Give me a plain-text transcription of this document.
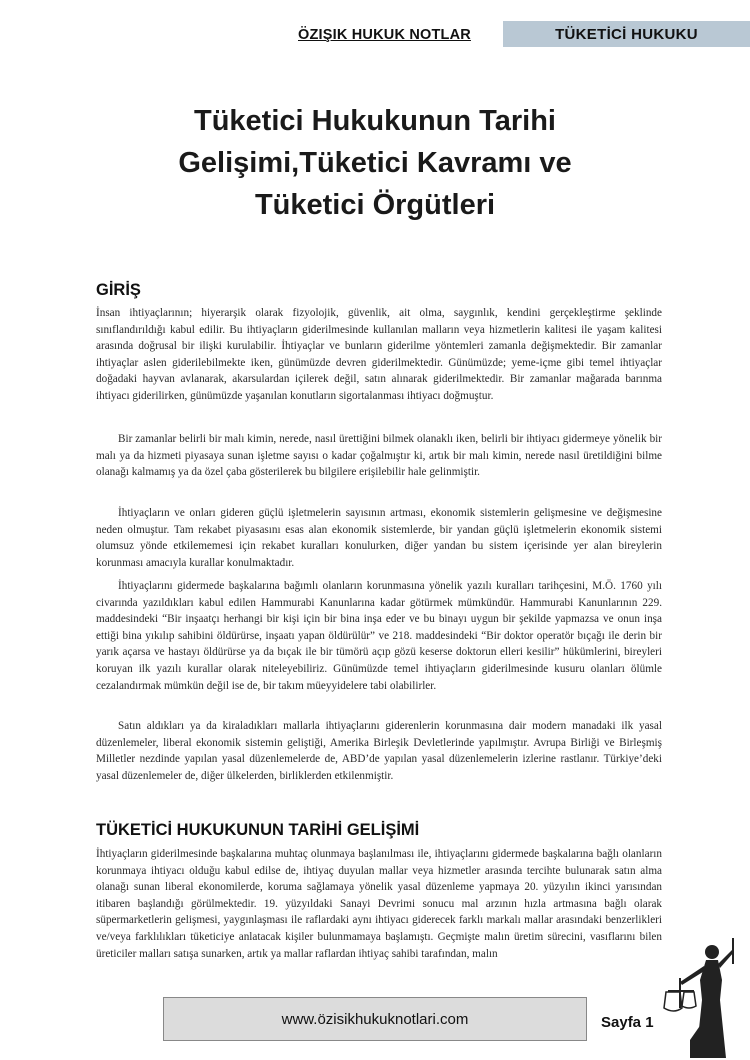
ÖZIŞIK HUKUK NOTLAR	TÜKETİCİ HUKUKU
Tüketici Hukukunun Tarihi
Gelişimi,Tüketici Kavramı ve
Tüketici Örgütleri
GİRİŞ

İnsan ihtiyaçlarının; hiyerarşik olarak fizyolojik, güvenlik, ait olma, saygınlık, kendini gerçekleştirme şeklinde sınıflandırıldığı kabul edilir. Bu ihtiyaçların giderilmesinde kullanılan malların veya hizmetlerin kalitesi ile yaşam kalitesi arasında doğrusal bir ilişki kurulabilir. İhtiyaçlar ve bunların giderilme yöntemleri zamanla değişmektedir. Bir zamanlar ihtiyaçlar aslen giderilebilmekte iken, günümüzde devren giderilmektedir. Günümüzde; yeme-içme gibi temel ihtiyaçlar doğadaki hayvan avlanarak, akarsulardan içilerek değil, satın alınarak giderilmektedir. Bir zamanlar mağarada barınma ihtiyacı giderilirken, günümüzde yaşanılan konutların sigortalanması ihtiyacı doğmuştur.

Bir zamanlar belirli bir malı kimin, nerede, nasıl ürettiğini bilmek olanaklı iken, belirli bir ihtiyacı gidermeye yönelik bir malı ya da hizmeti piyasaya sunan işletme sayısı o kadar çoğalmıştır ki, artık bir malı kimin, nerede nasıl üretildiğini bilme olanağı kalmamış ya da özel çaba gösterilerek bu bilgilere erişilebilir hale gelinmiştir.

İhtiyaçların ve onları gideren güçlü işletmelerin sayısının artması, ekonomik sistemlerin gelişmesine ve değişmesine neden olmuştur. Tam rekabet piyasasını esas alan ekonomik sistemlerde, bir yandan güçlü işletmelerin ekonomik sistemi olumsuz yönde etkilememesi için rekabet kuralları konulurken, diğer yandan bu sistem içerisinde yer alan bireylerin korunması amacıyla kurallar konulmaktadır.

İhtiyaçlarını gidermede başkalarına bağımlı olanların korunmasına yönelik yazılı kuralları tarihçesini, M.Ö. 1760 yılı civarında yazıldıkları kabul edilen Hammurabi Kanunlarına kadar götürmek mümkündür. Hammurabi Kanunlarının 229. maddesindeki “Bir inşaatçı herhangi bir kişi için bir bina inşa eder ve bu binayı uygun bir şekilde yapmazsa ve onun inşa ettiği bina yıkılıp sahibini öldürürse, inşaatı yapan öldürülür” ve 218. maddesindeki “Bir doktor operatör bıçağı ile derin bir yarık açarsa ve hastayı öldürürse ya da bıçak ile bir tümörü açıp gözü keserse doktorun elleri kesilir” hükümlerini, bireyleri koruyan ilk yazılı kurallar olarak niteleyebiliriz. Günümüzde temel ihtiyaçların giderilmesinde kusuru olanları ölümle cezalandırmak mümkün değil ise de, bir takım müeyyidelere tabi olabilirler.

Satın aldıkları ya da kiraladıkları mallarla ihtiyaçlarını giderenlerin korunmasına dair modern manadaki ilk yasal düzenlemeler, liberal ekonomik sistemin geliştiği, Amerika Birleşik Devletlerinde yapılmıştır. Avrupa Birliği ve Birleşmiş Milletler nezdinde yapılan yasal düzenlemelerde de, ABD’de yapılan yasal düzenlemelerin izlerine rastlanır. Türkiye’deki yasal düzenlemeler de, diğer ülkelerden, birliklerden etkilenmiştir.

TÜKETİCİ HUKUKUNUN TARİHİ GELİŞİMİ

İhtiyaçların giderilmesinde başkalarına muhtaç olunmaya başlanılması ile, ihtiyaçlarını gidermede başkalarına bağlı olanların korunmaya ihtiyacı olduğu kabul edilse de, ihtiyaç duyulan mallar veya hizmetler arasında tercihte bulunarak satın alma olanağı sunan liberal ekonomilerde, koruma sağlamaya yönelik yasal düzenleme yapmaya 20. yüzyılın ikinci yarısından itibaren başlandığı görülmektedir. 19. yüzyıldaki Sanayi Devrimi sonucu mal arzının hızla artmasına bağlı olarak süpermarketlerin gelişmesi, yaygınlaşması ile raflardaki aynı ihtiyacı giderecek farklı markalı mallar arasındaki benzerlikleri ve/veya farklılıkları tüketiciye anlatacak kişiler bulunmamaya başlamıştı. Geçmişte malın üretim sürecini, vasıflarını bilen üreticiler malları satışa sunarken, artık ya mallar raflardan ihtiyaç sahibi tarafından, malın

www.özisikhukuknotlari.com	Sayfa 1
